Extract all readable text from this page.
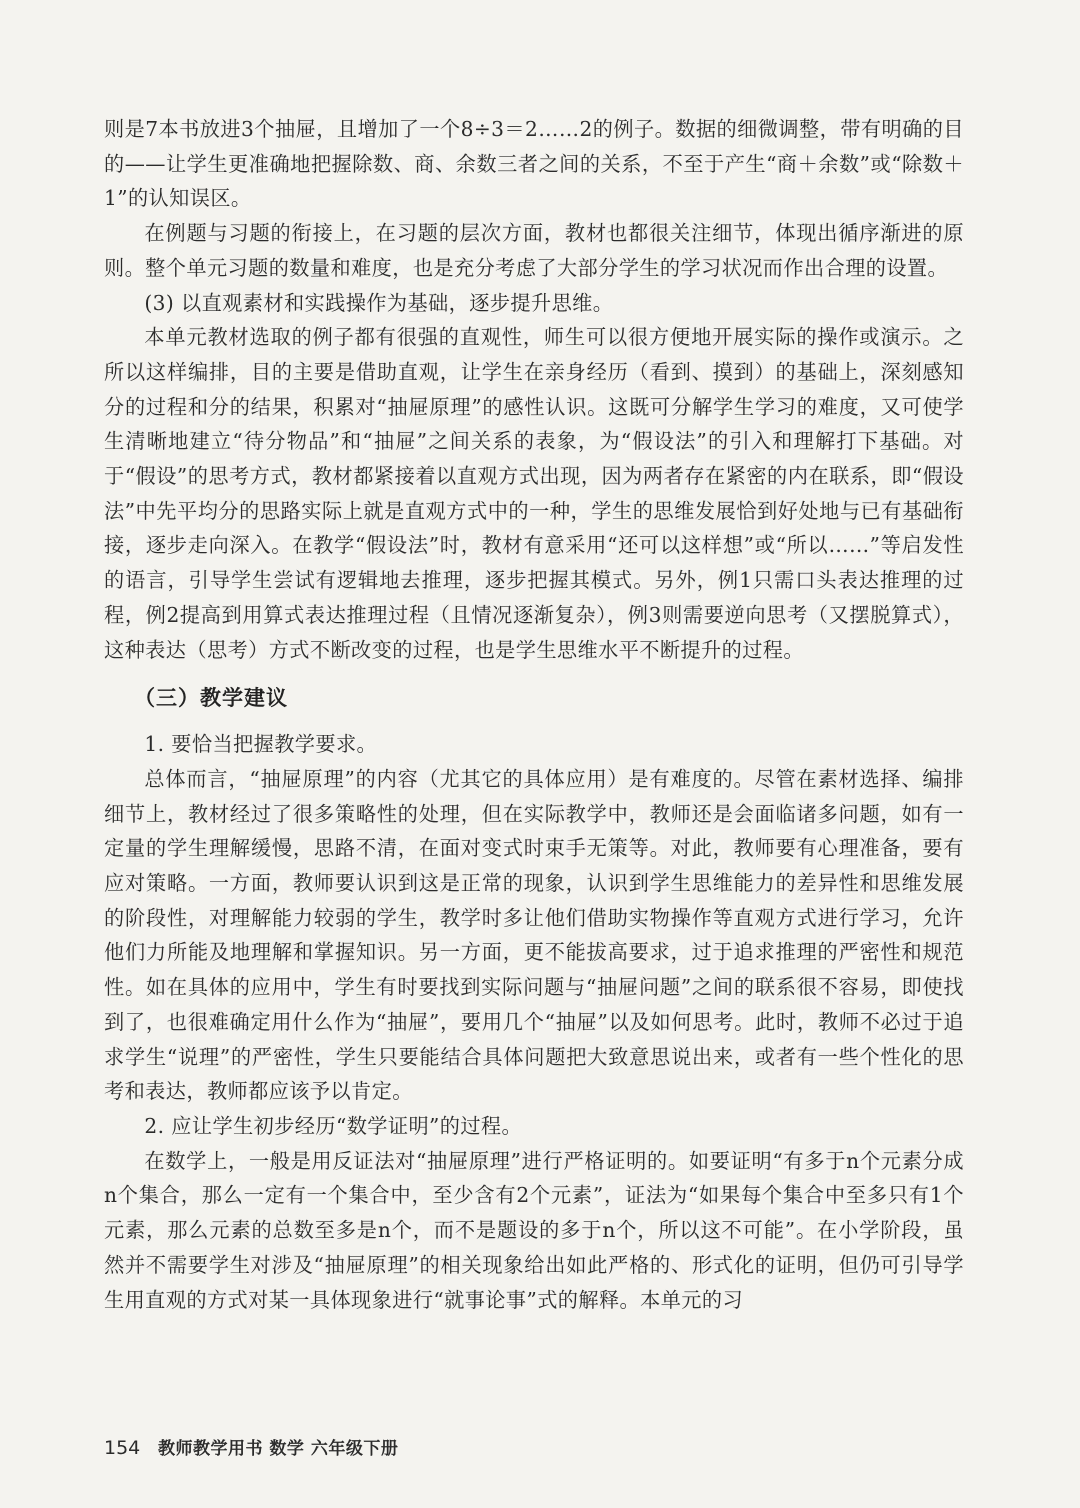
则是7本书放进3个抽屉，且增加了一个8÷3＝2……2的例子。数据的细微调整，带有明确的目的——让学生更准确地把握除数、商、余数三者之间的关系，不至于产生“商＋余数”或“除数＋1”的认知误区。

在例题与习题的衔接上，在习题的层次方面，教材也都很关注细节，体现出循序渐进的原则。整个单元习题的数量和难度，也是充分考虑了大部分学生的学习状况而作出合理的设置。

(3) 以直观素材和实践操作为基础，逐步提升思维。

本单元教材选取的例子都有很强的直观性，师生可以很方便地开展实际的操作或演示。之所以这样编排，目的主要是借助直观，让学生在亲身经历（看到、摸到）的基础上，深刻感知分的过程和分的结果，积累对“抽屉原理”的感性认识。这既可分解学生学习的难度，又可使学生清晰地建立“待分物品”和“抽屉”之间关系的表象，为“假设法”的引入和理解打下基础。对于“假设”的思考方式，教材都紧接着以直观方式出现，因为两者存在紧密的内在联系，即“假设法”中先平均分的思路实际上就是直观方式中的一种，学生的思维发展恰到好处地与已有基础衔接，逐步走向深入。在教学“假设法”时，教材有意采用“还可以这样想”或“所以……”等启发性的语言，引导学生尝试有逻辑地去推理，逐步把握其模式。另外，例1只需口头表达推理的过程，例2提高到用算式表达推理过程（且情况逐渐复杂），例3则需要逆向思考（又摆脱算式），这种表达（思考）方式不断改变的过程，也是学生思维水平不断提升的过程。

（三）教学建议

1. 要恰当把握教学要求。

总体而言，“抽屉原理”的内容（尤其它的具体应用）是有难度的。尽管在素材选择、编排细节上，教材经过了很多策略性的处理，但在实际教学中，教师还是会面临诸多问题，如有一定量的学生理解缓慢，思路不清，在面对变式时束手无策等。对此，教师要有心理准备，要有应对策略。一方面，教师要认识到这是正常的现象，认识到学生思维能力的差异性和思维发展的阶段性，对理解能力较弱的学生，教学时多让他们借助实物操作等直观方式进行学习，允许他们力所能及地理解和掌握知识。另一方面，更不能拔高要求，过于追求推理的严密性和规范性。如在具体的应用中，学生有时要找到实际问题与“抽屉问题”之间的联系很不容易，即使找到了，也很难确定用什么作为“抽屉”，要用几个“抽屉”以及如何思考。此时，教师不必过于追求学生“说理”的严密性，学生只要能结合具体问题把大致意思说出来，或者有一些个性化的思考和表达，教师都应该予以肯定。

2. 应让学生初步经历“数学证明”的过程。

在数学上，一般是用反证法对“抽屉原理”进行严格证明的。如要证明“有多于n个元素分成n个集合，那么一定有一个集合中，至少含有2个元素”，证法为“如果每个集合中至多只有1个元素，那么元素的总数至多是n个，而不是题设的多于n个，所以这不可能”。在小学阶段，虽然并不需要学生对涉及“抽屉原理”的相关现象给出如此严格的、形式化的证明，但仍可引导学生用直观的方式对某一具体现象进行“就事论事”式的解释。本单元的习

154 教师教学用书 数学 六年级下册
